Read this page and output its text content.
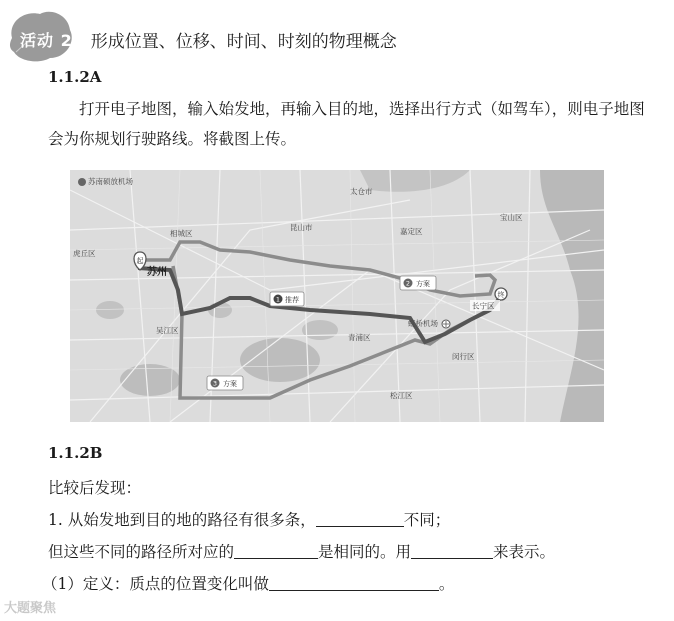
活动 2 形成位置、位移、时间、时刻的物理概念
1.1.2A
打开电子地图，输入始发地，再输入目的地，选择出行方式（如驾车），则电子地图会为你规划行驶路线。将截图上传。
起
终
1 推荐
2 方案
3 方案
苏南硕放机场
太仓市
相城区
昆山市	嘉定区
宝山区
虎丘区
吴江区
青浦区
闵行区
松江区
虹桥机场
苏州
长宁区
1.1.2B
比较后发现：
1. 从始发地到目的地的路径有很多条，	不同；
但这些不同的路径所对应的	是相同的。用	来表示。
（1）定义：质点的位置变化叫做	。
大题聚焦
